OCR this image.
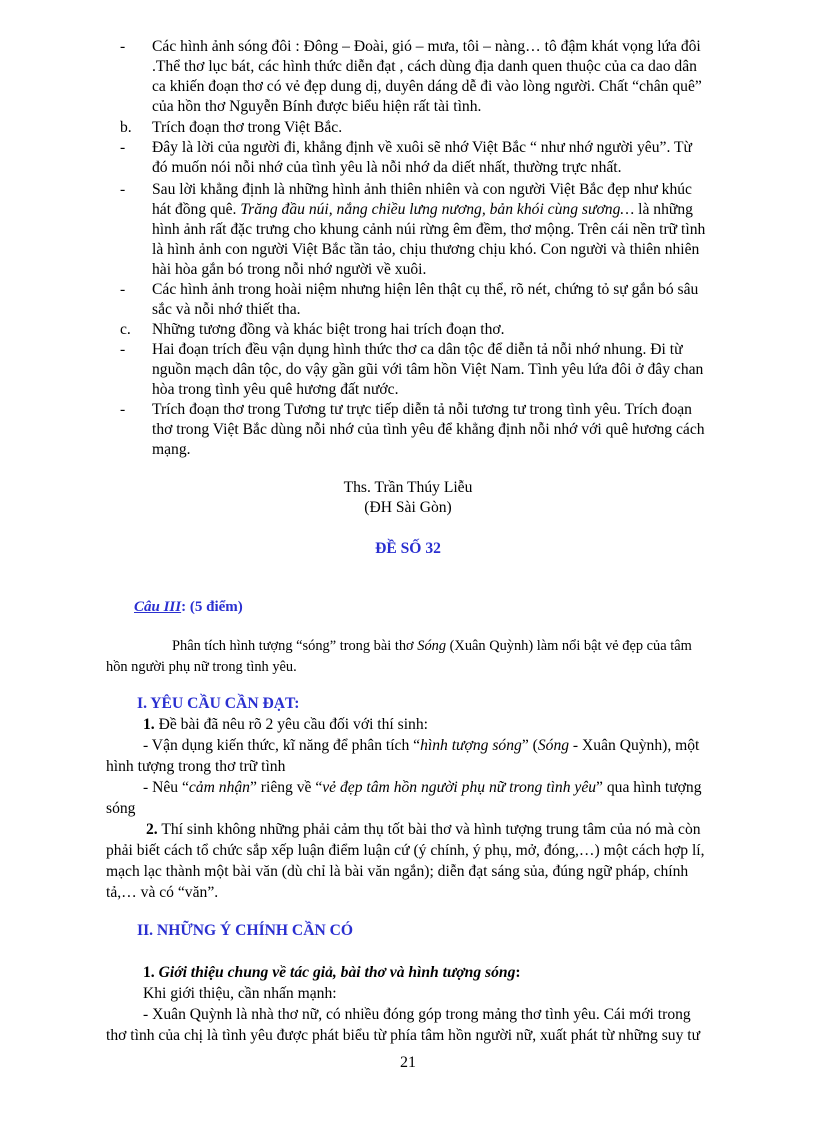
-	Các hình ảnh sóng đôi : Đông – Đoài, gió – mưa, tôi – nàng… tô đậm khát vọng lứa đôi
.Thể thơ lục bát, các hình thức diễn đạt , cách dùng địa danh quen thuộc của ca dao dân
ca khiến đoạn thơ có vẻ đẹp dung dị, duyên dáng dễ đi vào lòng người. Chất “chân quê”
của hồn thơ Nguyễn Bính được biểu hiện rất tài tình.
b.	Trích đoạn thơ trong Việt Bắc.
-	Đây là lời của người đi, khẳng định về xuôi sẽ nhớ Việt Bắc “ như nhớ người yêu”. Từ
đó muốn nói nỗi nhớ của tình yêu là nỗi nhớ da diết nhất, thường trực nhất.
-	Sau lời khẳng định là những hình ảnh thiên nhiên và con người Việt Bắc đẹp như khúc
hát đồng quê. Trăng đầu núi, nắng chiều lưng nương, bản khói cùng sương… là những
hình ảnh rất đặc trưng cho khung cảnh núi rừng êm đềm, thơ mộng. Trên cái nền trữ tình
là hình ảnh con người Việt Bắc tần tảo, chịu thương chịu khó. Con người và thiên nhiên
hài hòa gắn bó trong nỗi nhớ người về xuôi.
-	Các hình ảnh trong hoài niệm nhưng hiện lên thật cụ thể, rõ nét, chứng tỏ sự gắn bó sâu
sắc và nỗi nhớ thiết tha.
c.	Những tương đồng và khác biệt trong hai trích đoạn thơ.
-	Hai đoạn trích đều vận dụng hình thức thơ ca dân tộc để diễn tả nỗi nhớ nhung. Đi từ
nguồn mạch dân tộc, do vậy gần gũi với tâm hồn Việt Nam. Tình yêu lứa đôi ở đây chan
hòa trong tình yêu quê hương đất nước.
-	Trích đoạn thơ trong Tương tư trực tiếp diễn tả nỗi tương tư trong tình yêu. Trích đoạn
thơ trong Việt Bắc dùng nỗi nhớ của tình yêu để khẳng định nỗi nhớ với quê hương cách
mạng.
Ths. Trần Thúy Liễu
(ĐH Sài Gòn)
ĐỀ SỐ 32
Câu III: (5 điểm)
Phân tích hình tượng “sóng” trong bài thơ Sóng (Xuân Quỳnh) làm nổi bật vẻ đẹp của tâm
hồn người phụ nữ trong tình yêu.
I. YÊU CẦU CẦN ĐẠT:
1. Đề bài đã nêu rõ 2 yêu cầu đối với thí sinh:
- Vận dụng kiến thức, kĩ năng để phân tích “hình tượng sóng” (Sóng - Xuân Quỳnh), một
hình tượng trong thơ trữ tình
- Nêu “cảm nhận” riêng về “vẻ đẹp tâm hồn người phụ nữ trong tình yêu” qua hình tượng
sóng
2. Thí sinh không những phải cảm thụ tốt bài thơ và hình tượng trung tâm của nó mà còn
phải biết cách tổ chức sắp xếp luận điểm luận cứ (ý chính, ý phụ, mở, đóng,…) một cách hợp lí,
mạch lạc thành một bài văn (dù chỉ là bài văn ngắn); diễn đạt sáng sủa, đúng ngữ pháp, chính
tả,… và có “văn”.
II. NHỮNG Ý CHÍNH CẦN CÓ
1. Giới thiệu chung về tác giả, bài thơ và hình tượng sóng:
Khi giới thiệu, cần nhấn mạnh:
- Xuân Quỳnh là nhà thơ nữ, có nhiều đóng góp trong mảng thơ tình yêu. Cái mới trong
thơ tình của chị là tình yêu được phát biểu từ phía tâm hồn người nữ, xuất phát từ những suy tư
21
